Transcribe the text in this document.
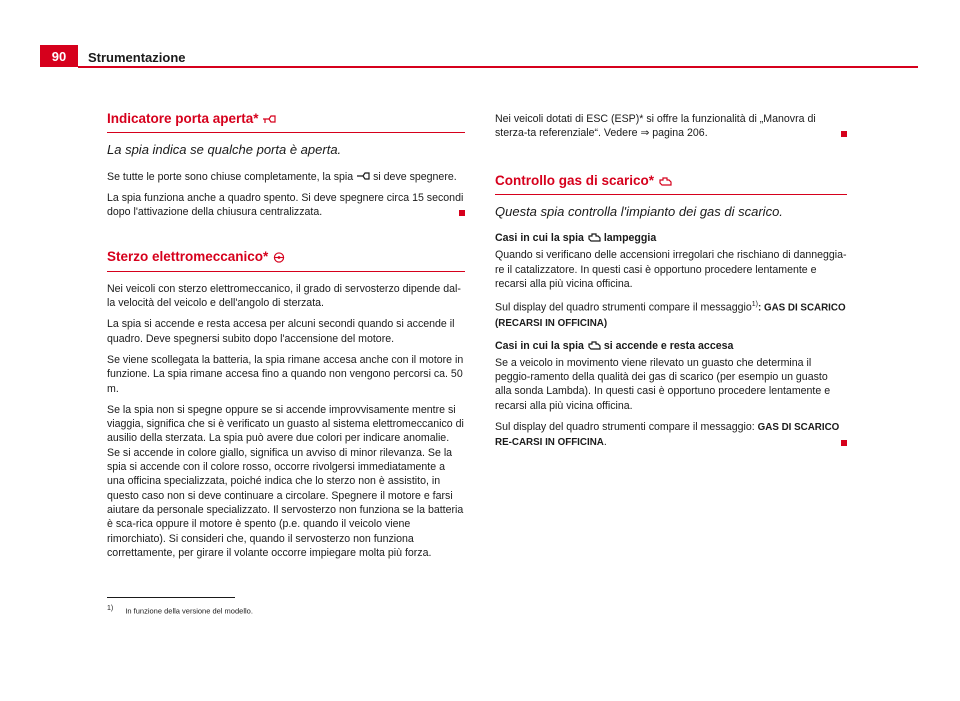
90	Strumentazione
Indicatore porta aperta*

La spia indica se qualche porta è aperta.

Se tutte le porte sono chiuse completamente, la spia si deve spegnere.

La spia funziona anche a quadro spento. Si deve spegnere circa 15 secondi dopo l'attivazione della chiusura centralizzata.

Sterzo elettromeccanico*

Nei veicoli con sterzo elettromeccanico, il grado di servosterzo dipende dal-la velocità del veicolo e dell'angolo di sterzata.

La spia si accende e resta accesa per alcuni secondi quando si accende il quadro. Deve spegnersi subito dopo l'accensione del motore.

Se viene scollegata la batteria, la spia rimane accesa anche con il motore in funzione. La spia rimane accesa fino a quando non vengono percorsi ca. 50 m.

Se la spia non si spegne oppure se si accende improvvisamente mentre si viaggia, significa che si è verificato un guasto al sistema elettromeccanico di ausilio della sterzata. La spia può avere due colori per indicare anomalie. Se si accende in colore giallo, significa un avviso di minor rilevanza. Se la spia si accende con il colore rosso, occorre rivolgersi immediatamente a una officina specializzata, poiché indica che lo sterzo non è assistito, in questo caso non si deve continuare a circolare. Spegnere il motore e farsi aiutare da personale specializzato. Il servosterzo non funziona se la batteria è sca-rica oppure il motore è spento (p.e. quando il veicolo viene rimorchiato). Si consideri che, quando il servosterzo non funziona correttamente, per girare il volante occorre impiegare molta più forza.

Nei veicoli dotati di ESC (ESP)* si offre la funzionalità di „Manovra di sterza-ta referenziale“. Vedere ⇒ pagina 206.

Controllo gas di scarico*

Questa spia controlla l'impianto dei gas di scarico.

Casi in cui la spia lampeggia

Quando si verificano delle accensioni irregolari che rischiano di danneggia-re il catalizzatore. In questi casi è opportuno procedere lentamente e recarsi alla più vicina officina.

Sul display del quadro strumenti compare il messaggio$^{1)}$: GAS DI SCARICO (RECARSI IN OFFICINA)

Casi in cui la spia si accende e resta accesa

Se a veicolo in movimento viene rilevato un guasto che determina il peggio-ramento della qualità dei gas di scarico (per esempio un guasto alla sonda Lambda). In questi casi è opportuno procedere lentamente e recarsi alla più vicina officina.

Sul display del quadro strumenti compare il messaggio: GAS DI SCARICO RE-CARSI IN OFFICINA.

$^{1)}$ In funzione della versione del modello.
